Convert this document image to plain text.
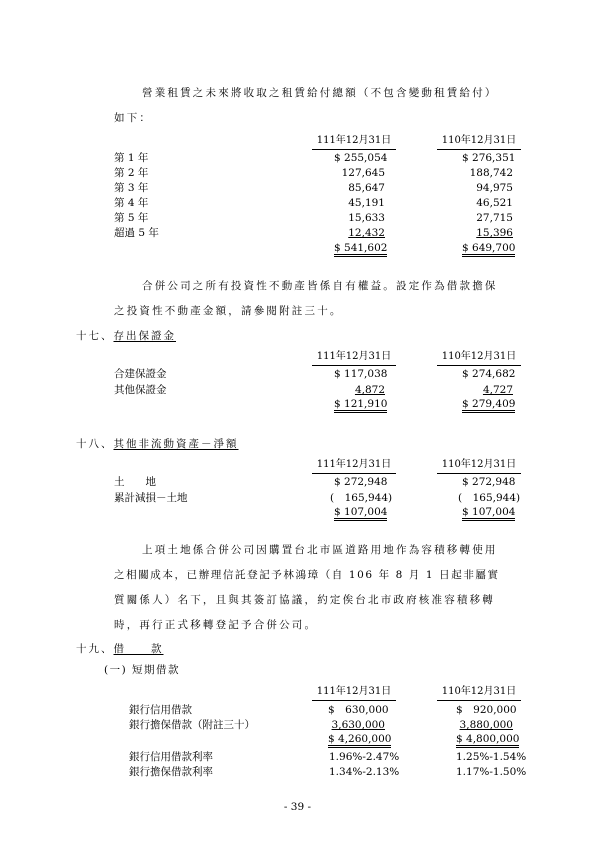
營業租賃之未來將收取之租賃給付總額（不包含變動租賃給付）
如下：
111年12月31日	110年12月31日
第 1 年	$ 255,054	$ 276,351
第 2 年	127,645	188,742
第 3 年	85,647	94,975
第 4 年	45,191	46,521
第 5 年	15,633	27,715
超過 5 年	12,432	15,396
$ 541,602	$ 649,700
合併公司之所有投資性不動產皆係自有權益。設定作為借款擔保
之投資性不動產金額，請參閱附註三十。
十七、存出保證金
111年12月31日	110年12月31日
合建保證金	$ 117,038	$ 274,682
其他保證金	4,872	4,727
$ 121,910	$ 279,409
十八、其他非流動資產－淨額
111年12月31日	110年12月31日
土　　地	$ 272,948	$ 272,948
累計減損－土地	(　165,944)	(　165,944)
$ 107,004	$ 107,004
上項土地係合併公司因購置台北市區道路用地作為容積移轉使用
之相關成本，已辦理信託登記予林鴻璋（自 106 年 8 月 1 日起非屬實
質關係人）名下，且與其簽訂協議，約定俟台北市政府核准容積移轉
時，再行正式移轉登記予合併公司。
十九、借　　款
(一) 短期借款
111年12月31日	110年12月31日
銀行信用借款	$　630,000	$　920,000
銀行擔保借款（附註三十）	3,630,000	3,880,000
$ 4,260,000	$ 4,800,000
銀行信用借款利率	1.96%-2.47%	1.25%-1.54%
銀行擔保借款利率	1.34%-2.13%	1.17%-1.50%
- 39 -
